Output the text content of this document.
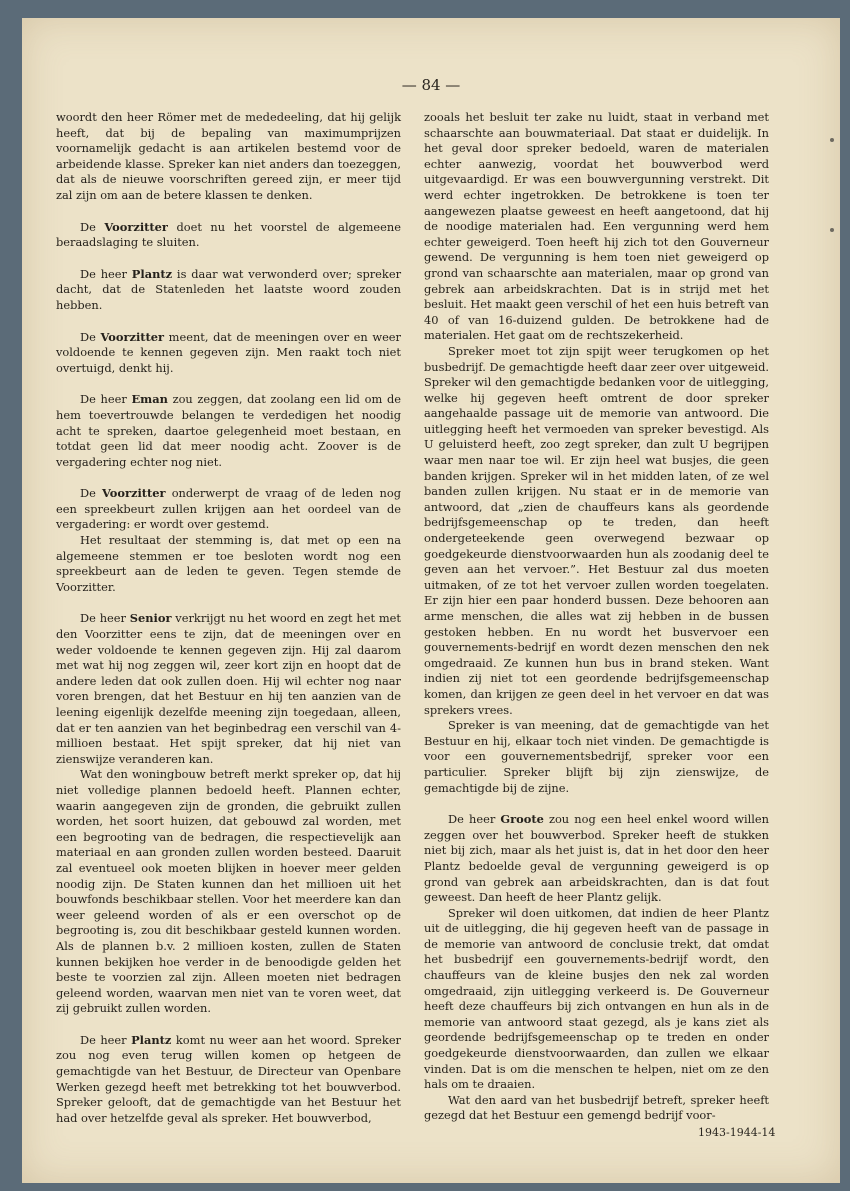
— 84 —

woordt den heer Römer met de mededeeling, dat hij gelijk heeft, dat bij de bepaling van maximumprijzen voornamelijk gedacht is aan artikelen bestemd voor de arbeidende klasse. Spreker kan niet anders dan toezeggen, dat als de nieuwe voorschriften gereed zijn, er meer tijd zal zijn om aan de betere klassen te denken.

De Voorzitter doet nu het voorstel de algemeene beraadslaging te sluiten.

De heer Plantz is daar wat verwonderd over; spreker dacht, dat de Statenleden het laatste woord zouden hebben.

De Voorzitter meent, dat de meeningen over en weer voldoende te kennen gegeven zijn. Men raakt toch niet overtuigd, denkt hij.

De heer Eman zou zeggen, dat zoolang een lid om de hem toevertrouwde belangen te verdedigen het noodig acht te spreken, daartoe gelegenheid moet bestaan, en totdat geen lid dat meer noodig acht. Zoover is de vergadering echter nog niet.

De Voorzitter onderwerpt de vraag of de leden nog een spreekbeurt zullen krijgen aan het oordeel van de vergadering: er wordt over gestemd.

Het resultaat der stemming is, dat met op een na algemeene stemmen er toe besloten wordt nog een spreekbeurt aan de leden te geven. Tegen stemde de Voorzitter.

De heer Senior verkrijgt nu het woord en zegt het met den Voorzitter eens te zijn, dat de meeningen over en weder voldoende te kennen gegeven zijn. Hij zal daarom met wat hij nog zeggen wil, zeer kort zijn en hoopt dat de andere leden dat ook zullen doen. Hij wil echter nog naar voren brengen, dat het Bestuur en hij ten aanzien van de leening eigenlijk dezelfde meening zijn toegedaan, alleen, dat er ten aanzien van het beginbedrag een verschil van 4-millioen bestaat. Het spijt spreker, dat hij niet van zienswijze veranderen kan.

Wat den woningbouw betreft merkt spreker op, dat hij niet volledige plannen bedoeld heeft. Plannen echter, waarin aangegeven zijn de gronden, die gebruikt zullen worden, het soort huizen, dat gebouwd zal worden, met een begrooting van de bedragen, die respectievelijk aan materiaal en aan gronden zullen worden besteed. Daaruit zal eventueel ook moeten blijken in hoever meer gelden noodig zijn. De Staten kunnen dan het millioen uit het bouwfonds beschikbaar stellen. Voor het meerdere kan dan weer geleend worden of als er een overschot op de begrooting is, zou dit beschikbaar gesteld kunnen worden. Als de plannen b.v. 2 millioen kosten, zullen de Staten kunnen bekijken hoe verder in de benoodigde gelden het beste te voorzien zal zijn. Alleen moeten niet bedragen geleend worden, waarvan men niet van te voren weet, dat zij gebruikt zullen worden.

De heer Plantz komt nu weer aan het woord. Spreker zou nog even terug willen komen op hetgeen de gemachtigde van het Bestuur, de Directeur van Openbare Werken gezegd heeft met betrekking tot het bouwverbod. Spreker gelooft, dat de gemachtigde van het Bestuur het had over hetzelfde geval als spreker. Het bouwverbod,

zooals het besluit ter zake nu luidt, staat in verband met schaarschte aan bouwmateriaal. Dat staat er duidelijk. In het geval door spreker bedoeld, waren de materialen echter aanwezig, voordat het bouwverbod werd uitgevaardigd. Er was een bouwvergunning verstrekt. Dit werd echter ingetrokken. De betrokkene is toen ter aangewezen plaatse geweest en heeft aangetoond, dat hij de noodige materialen had. Een vergunning werd hem echter geweigerd. Toen heeft hij zich tot den Gouverneur gewend. De vergunning is hem toen niet geweigerd op grond van schaarschte aan materialen, maar op grond van gebrek aan arbeidskrachten. Dat is in strijd met het besluit. Het maakt geen verschil of het een huis betreft van 40 of van 16-duizend gulden. De betrokkene had de materialen. Het gaat om de rechtszekerheid.

Spreker moet tot zijn spijt weer terugkomen op het busbedrijf. De gemachtigde heeft daar zeer over uitgeweid. Spreker wil den gemachtigde bedanken voor de uitlegging, welke hij gegeven heeft omtrent de door spreker aangehaalde passage uit de memorie van antwoord. Die uitlegging heeft het vermoeden van spreker bevestigd. Als U geluisterd heeft, zoo zegt spreker, dan zult U begrijpen waar men naar toe wil. Er zijn heel wat busjes, die geen banden krijgen. Spreker wil in het midden laten, of ze wel banden zullen krijgen. Nu staat er in de memorie van antwoord, dat „zien de chauffeurs kans als geordende bedrijfsgemeenschap op te treden, dan heeft ondergeteekende geen overwegend bezwaar op goedgekeurde dienstvoorwaarden hun als zoodanig deel te geven aan het vervoer.”. Het Bestuur zal dus moeten uitmaken, of ze tot het vervoer zullen worden toegelaten. Er zijn hier een paar honderd bussen. Deze behooren aan arme menschen, die alles wat zij hebben in de bussen gestoken hebben. En nu wordt het busvervoer een gouvernements-bedrijf en wordt dezen menschen den nek omgedraaid. Ze kunnen hun bus in brand steken. Want indien zij niet tot een geordende bedrijfsgemeenschap komen, dan krijgen ze geen deel in het vervoer en dat was sprekers vrees.

Spreker is van meening, dat de gemachtigde van het Bestuur en hij, elkaar toch niet vinden. De gemachtigde is voor een gouvernementsbedrijf, spreker voor een particulier. Spreker blijft bij zijn zienswijze, de gemachtigde bij de zijne.

De heer Groote zou nog een heel enkel woord willen zeggen over het bouwverbod. Spreker heeft de stukken niet bij zich, maar als het juist is, dat in het door den heer Plantz bedoelde geval de vergunning geweigerd is op grond van gebrek aan arbeidskrachten, dan is dat fout geweest. Dan heeft de heer Plantz gelijk.

Spreker wil doen uitkomen, dat indien de heer Plantz uit de uitlegging, die hij gegeven heeft van de passage in de memorie van antwoord de conclusie trekt, dat omdat het busbedrijf een gouvernements-bedrijf wordt, den chauffeurs van de kleine busjes den nek zal worden omgedraaid, zijn uitlegging verkeerd is. De Gouverneur heeft deze chauffeurs bij zich ontvangen en hun als in de memorie van antwoord staat gezegd, als je kans ziet als geordende bedrijfsgemeenschap op te treden en onder goedgekeurde dienstvoorwaarden, dan zullen we elkaar vinden. Dat is om die menschen te helpen, niet om ze den hals om te draaien.

Wat den aard van het busbedrijf betreft, spreker heeft gezegd dat het Bestuur een gemengd bedrijf voor-

1943-1944-14
